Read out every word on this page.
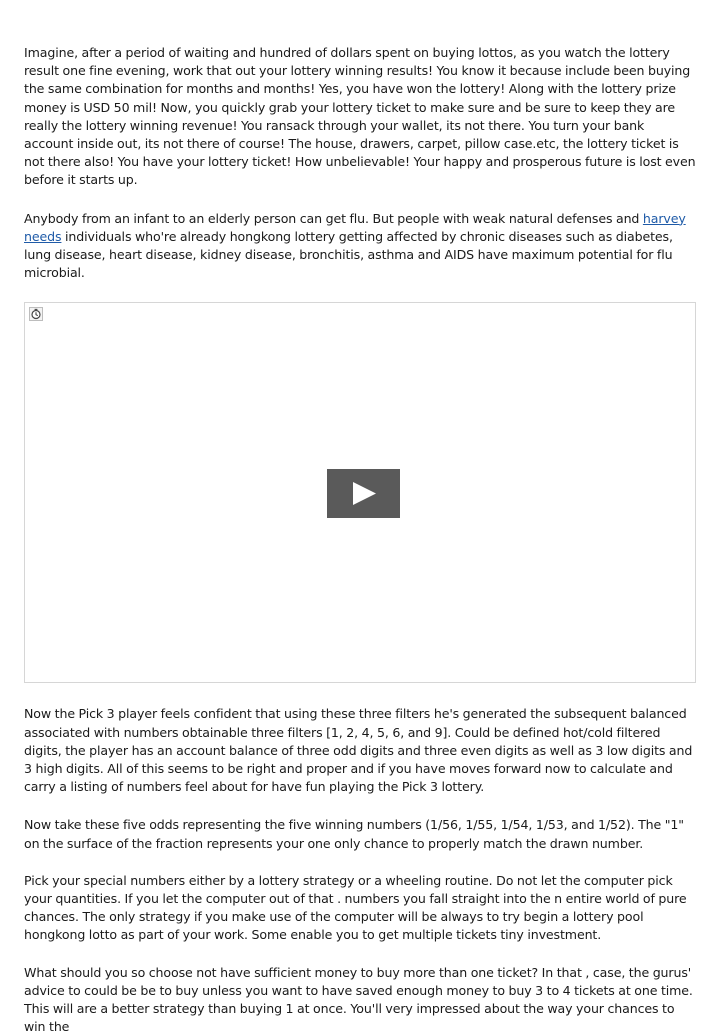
Imagine, after a period of waiting and hundred of dollars spent on buying lottos, as you watch the lottery result one fine evening, work that out your lottery winning results! You know it because include been buying the same combination for months and months! Yes, you have won the lottery! Along with the lottery prize money is USD 50 mil! Now, you quickly grab your lottery ticket to make sure and be sure to keep they are really the lottery winning revenue! You ransack through your wallet, its not there. You turn your bank account inside out, its not there of course! The house, drawers, carpet, pillow case.etc, the lottery ticket is not there also! You have your lottery ticket! How unbelievable! Your happy and prosperous future is lost even before it starts up.

Anybody from an infant to an elderly person can get flu. But people with weak natural defenses and harvey needs individuals who're already hongkong lottery getting affected by chronic diseases such as diabetes, lung disease, heart disease, kidney disease, bronchitis, asthma and AIDS have maximum potential for flu microbial.

Now the Pick 3 player feels confident that using these three filters he's generated the subsequent balanced associated with numbers obtainable three filters [1, 2, 4, 5, 6, and 9]. Could be defined hot/cold filtered digits, the player has an account balance of three odd digits and three even digits as well as 3 low digits and 3 high digits. All of this seems to be right and proper and if you have moves forward now to calculate and carry a listing of numbers feel about for have fun playing the Pick 3 lottery.

Now take these five odds representing the five winning numbers (1/56, 1/55, 1/54, 1/53, and 1/52). The "1" on the surface of the fraction represents your one only chance to properly match the drawn number.

Pick your special numbers either by a lottery strategy or a wheeling routine. Do not let the computer pick your quantities. If you let the computer out of that . numbers you fall straight into the n entire world of pure chances. The only strategy if you make use of the computer will be always to try begin a lottery pool hongkong lotto as part of your work. Some enable you to get multiple tickets tiny investment.

What should you so choose not have sufficient money to buy more than one ticket? In that , case, the gurus' advice to could be be to buy unless you want to have saved enough money to buy 3 to 4 tickets at one time. This will are a better strategy than buying 1 at once. You'll very impressed about the way your chances to win the
